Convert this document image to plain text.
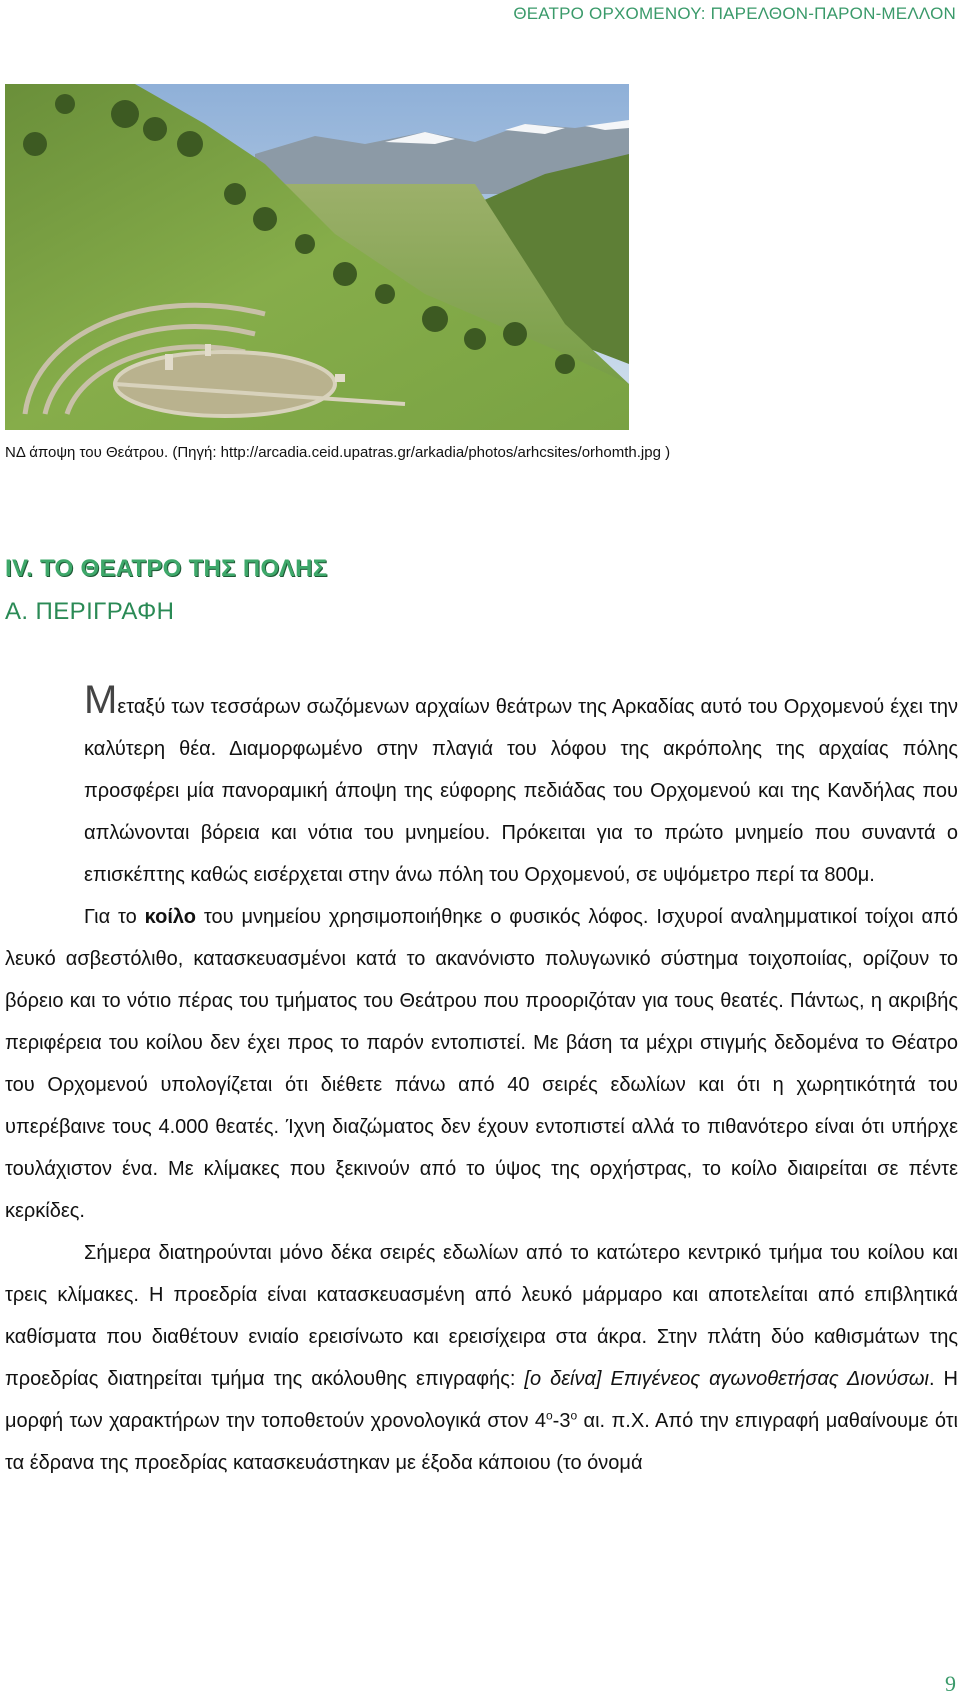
ΘΕΑΤΡΟ ΟΡΧΟΜΕΝΟΥ: ΠΑΡΕΛΘΟΝ-ΠΑΡΟΝ-ΜΕΛΛΟΝ
ΝΔ άποψη του Θεάτρου. (Πηγή: http://arcadia.ceid.upatras.gr/arkadia/photos/arhcsites/orhomth.jpg )
IV. ΤΟ ΘΕΑΤΡΟ ΤΗΣ ΠΟΛΗΣ
Α. ΠΕΡΙΓΡΑΦΗ

Μεταξύ των τεσσάρων σωζόμενων αρχαίων θεάτρων της Αρκαδίας αυτό του Ορχομενού έχει την καλύτερη θέα. Διαμορφωμένο στην πλαγιά του λόφου της ακρόπολης της αρχαίας πόλης προσφέρει μία πανοραμική άποψη της εύφορης πεδιάδας του Ορχομενού και της Κανδήλας που απλώνονται βόρεια και νότια του μνημείου. Πρόκειται για το πρώτο μνημείο που συναντά ο επισκέπτης καθώς εισέρχεται στην άνω πόλη του Ορχομενού, σε υψόμετρο περί τα 800μ.

Για το κοίλο του μνημείου χρησιμοποιήθηκε ο φυσικός λόφος. Ισχυροί αναλημματικοί τοίχοι από λευκό ασβεστόλιθο, κατασκευασμένοι κατά το ακανόνιστο πολυγωνικό σύστημα τοιχοποιίας, ορίζουν το βόρειο και το νότιο πέρας του τμήματος του Θεάτρου που προοριζόταν για τους θεατές. Πάντως, η ακριβής περιφέρεια του κοίλου δεν έχει προς το παρόν εντοπιστεί. Με βάση τα μέχρι στιγμής δεδομένα το Θέατρο του Ορχομενού υπολογίζεται ότι διέθετε πάνω από 40 σειρές εδωλίων και ότι η χωρητικότητά του υπερέβαινε τους 4.000 θεατές. Ίχνη διαζώματος δεν έχουν εντοπιστεί αλλά το πιθανότερο είναι ότι υπήρχε τουλάχιστον ένα. Με κλίμακες που ξεκινούν από το ύψος της ορχήστρας, το κοίλο διαιρείται σε πέντε κερκίδες.

Σήμερα διατηρούνται μόνο δέκα σειρές εδωλίων από το κατώτερο κεντρικό τμήμα του κοίλου και τρεις κλίμακες. Η προεδρία είναι κατασκευασμένη από λευκό μάρμαρο και αποτελείται από επιβλητικά καθίσματα που διαθέτουν ενιαίο ερεισίνωτο και ερεισίχειρα στα άκρα. Στην πλάτη δύο καθισμάτων της προεδρίας διατηρείται τμήμα της ακόλουθης επιγραφής: [ο δείνα] Επιγένεος αγωνοθετήσας Διονύσωι. Η μορφή των χαρακτήρων την τοποθετούν χρονολογικά στον $4^o-3^o$ αι. π.Χ. Από την επιγραφή μαθαίνουμε ότι τα έδρανα της προεδρίας κατασκευάστηκαν με έξοδα κάποιου (το όνομά

9
